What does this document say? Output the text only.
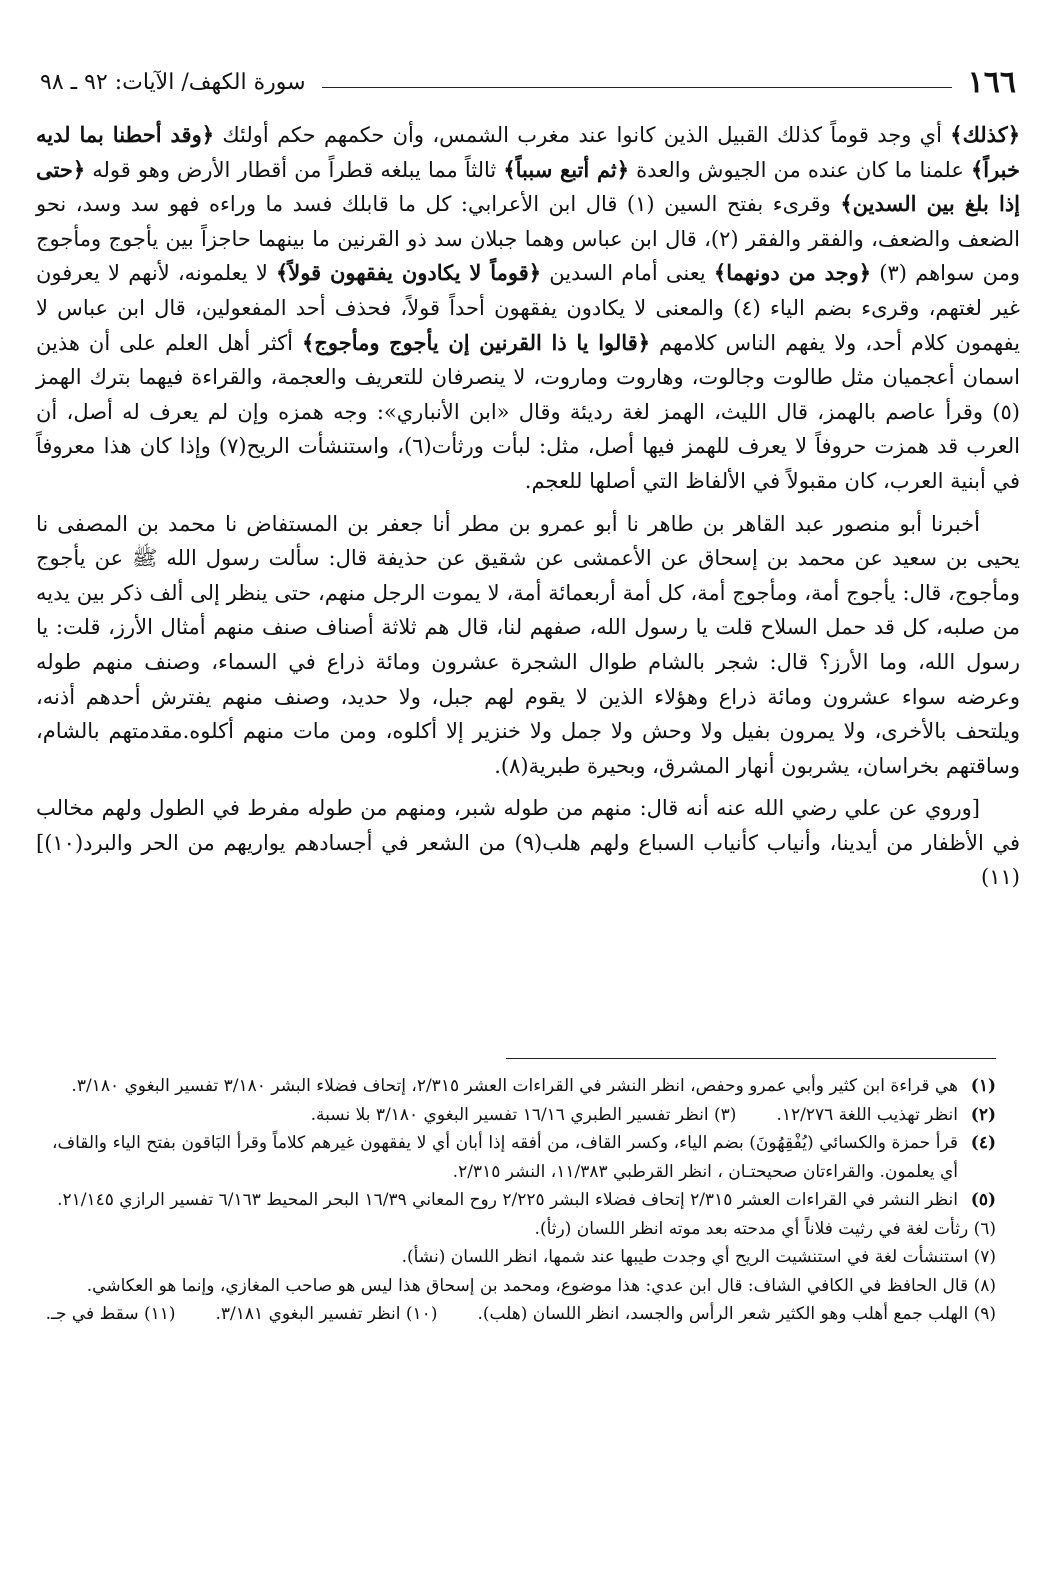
١٦٦
سورة الكهف/ الآيات: ٩٢ ـ ٩٨

﴿كذلك﴾ أي وجد قوماً كذلك القبيل الذين كانوا عند مغرب الشمس، وأن حكمهم حكم أولئك ﴿وقد أحطنا بما لديه خبراً﴾ علمنا ما كان عنده من الجيوش والعدة ﴿ثم أتبع سبباً﴾ ثالثاً مما يبلغه قطراً من أقطار الأرض وهو قوله ﴿حتى إذا بلغ بين السدين﴾ وقرىء بفتح السين (١) قال ابن الأعرابي: كل ما قابلك فسد ما وراءه فهو سد وسد، نحو الضعف والضعف، والفقر والفقر (٢)، قال ابن عباس وهما جبلان سد ذو القرنين ما بينهما حاجزاً بين يأجوج ومأجوج ومن سواهم (٣) ﴿وجد من دونهما﴾ يعنى أمام السدين ﴿قوماً لا يكادون يفقهون قولاً﴾ لا يعلمونه، لأنهم لا يعرفون غير لغتهم، وقرىء بضم الياء (٤) والمعنى لا يكادون يفقهون أحداً قولاً، فحذف أحد المفعولين، قال ابن عباس لا يفهمون كلام أحد، ولا يفهم الناس كلامهم ﴿قالوا يا ذا القرنين إن يأجوج ومأجوج﴾ أكثر أهل العلم على أن هذين اسمان أعجميان مثل طالوت وجالوت، وهاروت وماروت، لا ينصرفان للتعريف والعجمة، والقراءة فيهما بترك الهمز (٥) وقرأ عاصم بالهمز، قال الليث، الهمز لغة رديئة وقال «ابن الأنباري»: وجه همزه وإن لم يعرف له أصل، أن العرب قد همزت حروفاً لا يعرف للهمز فيها أصل، مثل: لبأت ورثأت(٦)، واستنشأت الريح(٧) وإذا كان هذا معروفاً في أبنية العرب، كان مقبولاً في الألفاظ التي أصلها للعجم.

أخبرنا أبو منصور عبد القاهر بن طاهر نا أبو عمرو بن مطر أنا جعفر بن المستفاض نا محمد بن المصفى نا يحيى بن سعيد عن محمد بن إسحاق عن الأعمشى عن شقيق عن حذيفة قال: سألت رسول الله ﷺ عن يأجوج ومأجوج، قال: يأجوج أمة، ومأجوج أمة، كل أمة أربعمائة أمة، لا يموت الرجل منهم، حتى ينظر إلى ألف ذكر بين يديه من صلبه، كل قد حمل السلاح قلت يا رسول الله، صفهم لنا، قال هم ثلاثة أصناف صنف منهم أمثال الأرز، قلت: يا رسول الله، وما الأرز؟ قال: شجر بالشام طوال الشجرة عشرون ومائة ذراع في السماء، وصنف منهم طوله وعرضه سواء عشرون ومائة ذراع وهؤلاء الذين لا يقوم لهم جبل، ولا حديد، وصنف منهم يفترش أحدهم أذنه، ويلتحف بالأخرى، ولا يمرون بفيل ولا وحش ولا جمل ولا خنزير إلا أكلوه، ومن مات منهم أكلوه.مقدمتهم بالشام، وساقتهم بخراسان، يشربون أنهار المشرق، وبحيرة طبرية(٨).

[وروي عن علي رضي الله عنه أنه قال: منهم من طوله شبر، ومنهم من طوله مفرط في الطول ولهم مخالب في الأظفار من أيدينا، وأنياب كأنياب السباع ولهم هلب(٩) من الشعر في أجسادهم يواريهم من الحر والبرد(١٠)](١١)

(١)
هي قراءة ابن كثير وأبي عمرو وحفص، انظر النشر في القراءات العشر ٢/٣١٥، إتحاف فضلاء البشر ٣/١٨٠ تفسير البغوي ٣/١٨٠.
(٢)
انظر تهذيب اللغة ١٢/٢٧٦.
(٣) انظر تفسير الطبري ١٦/١٦ تفسير البغوي ٣/١٨٠ بلا نسبة.
(٤)
قرأ حمزة والكسائي (يُفْقِهُونَ) بضم الياء، وكسر القاف، من أفقه إذا أبان أي لا يفقهون غيرهم كلاماً وقرأ البَاقون بفتح الياء والقاف، أي يعلمون. والقراءتان صحيحتـان ، انظر القرطبي ١١/٣٨٣، النشر ٢/٣١٥.
(٥)
انظر النشر في القراءات العشر ٢/٣١٥ إتحاف فضلاء البشر ٢/٢٢٥ روح المعاني ١٦/٣٩ البحر المحيط ٦/١٦٣ تفسير الرازي ٢١/١٤٥.
(٦) رثأت لغة في رثيت فلاناً أي مدحته بعد موته انظر اللسان (رثأ).
(٧) استنشأت لغة في استنشيت الريح أي وجدت طيبها عند شمها، انظر اللسان (نشأ).
(٨) قال الحافظ في الكافي الشاف: قال ابن عدي: هذا موضوع، ومحمد بن إسحاق هذا ليس هو صاحب المغازي، وإنما هو العكاشي.
(٩) الهلب جمع أهلب وهو الكثير شعر الرأس والجسد، انظر اللسان (هلب).
(١٠) انظر تفسير البغوي ٣/١٨١.
(١١) سقط في جـ.
